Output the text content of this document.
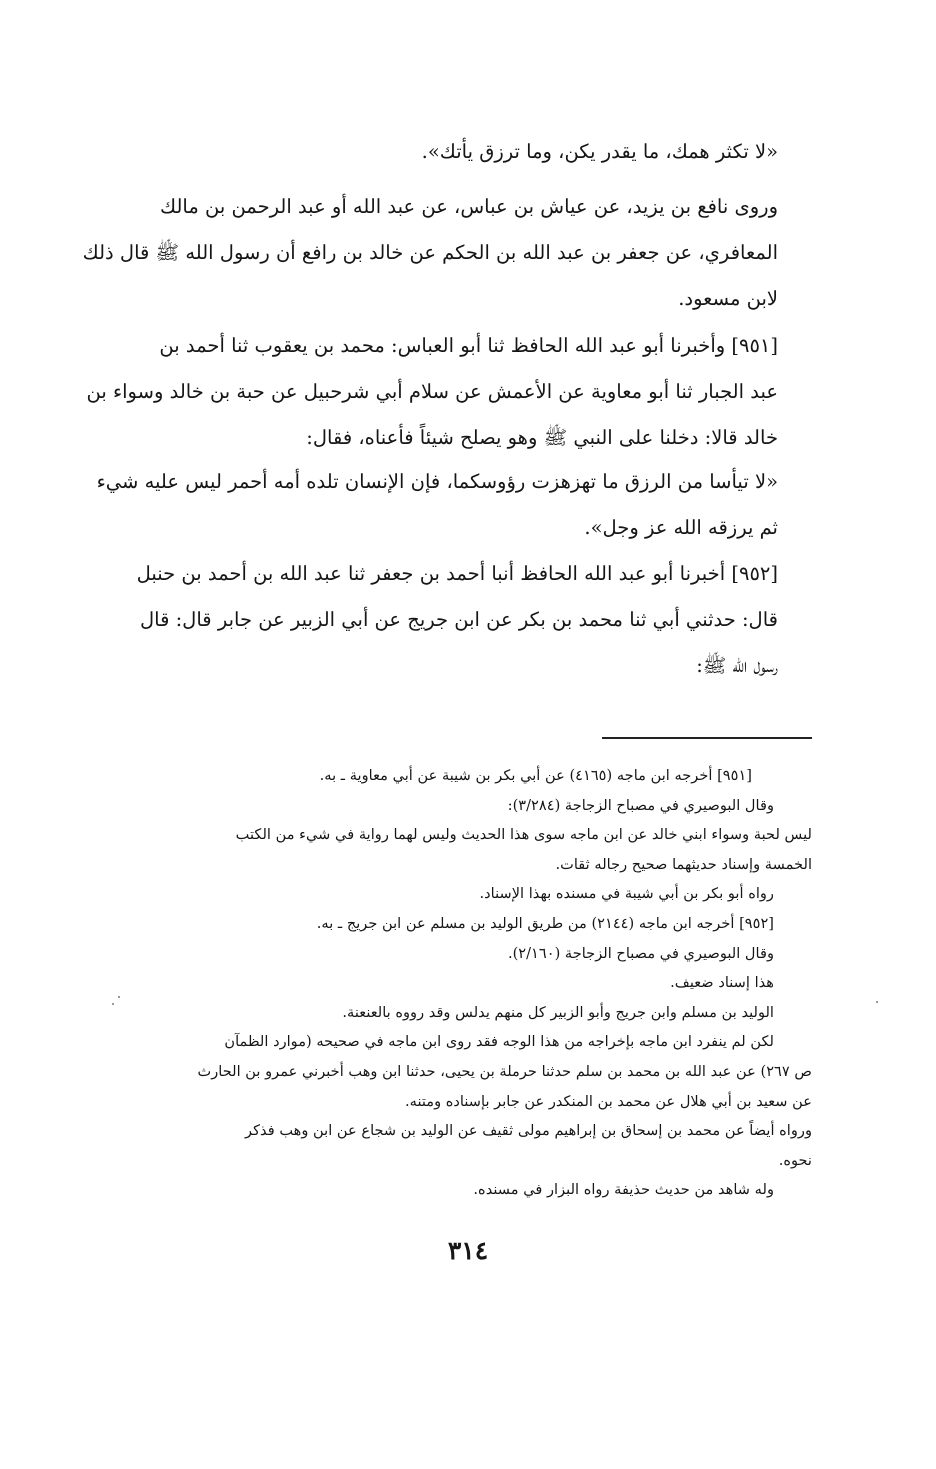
«لا تكثر همك، ما يقدر يكن، وما ترزق يأتك».

وروى نافع بن يزيد، عن عياش بن عباس، عن عبد الله أو عبد الرحمن بن مالك
المعافري، عن جعفر بن عبد الله بن الحكم عن خالد بن رافع أن رسول الله ﷺ قال ذلك
لابن مسعود.

[٩٥١] وأخبرنا أبو عبد الله الحافظ ثنا أبو العباس: محمد بن يعقوب ثنا أحمد بن
عبد الجبار ثنا أبو معاوية عن الأعمش عن سلام أبي شرحبيل عن حبة بن خالد وسواء بن
خالد قالا: دخلنا على النبي ﷺ وهو يصلح شيئاً فأعناه، فقال:

«لا تيأسا من الرزق ما تهزهزت رؤوسكما، فإن الإنسان تلده أمه أحمر ليس عليه شيء
ثم يرزقه الله عز وجل».

[٩٥٢] أخبرنا أبو عبد الله الحافظ أنبا أحمد بن جعفر ثنا عبد الله بن أحمد بن حنبل
قال: حدثني أبي ثنا محمد بن بكر عن ابن جريج عن أبي الزبير عن جابر قال: قال
رسول الله ﷺ:

[٩٥١] أخرجه ابن ماجه (٤١٦٥) عن أبي بكر بن شيبة عن أبي معاوية ـ به.
وقال البوصيري في مصباح الزجاجة (٣/٢٨٤):
ليس لحبة وسواء ابني خالد عن ابن ماجه سوى هذا الحديث وليس لهما رواية في شيء من الكتب
الخمسة وإسناد حديثهما صحيح رجاله ثقات.
رواه أبو بكر بن أبي شيبة في مسنده بهذا الإسناد.
[٩٥٢] أخرجه ابن ماجه (٢١٤٤) من طريق الوليد بن مسلم عن ابن جريج ـ به.
وقال البوصيري في مصباح الزجاجة (٢/١٦٠).
هذا إسناد ضعيف.
الوليد بن مسلم وابن جريج وأبو الزبير كل منهم يدلس وقد رووه بالعنعنة.
لكن لم ينفرد ابن ماجه بإخراجه من هذا الوجه فقد روى ابن ماجه في صحيحه (موارد الظمآن
ص ٢٦٧) عن عبد الله بن محمد بن سلم حدثنا حرملة بن يحيى، حدثنا ابن وهب أخبرني عمرو بن الحارث
عن سعيد بن أبي هلال عن محمد بن المنكدر عن جابر بإسناده ومتنه.
ورواه أيضاً عن محمد بن إسحاق بن إبراهيم مولى ثقيف عن الوليد بن شجاع عن ابن وهب فذكر
نحوه.
وله شاهد من حديث حذيفة رواه البزار في مسنده.
٣١٤
